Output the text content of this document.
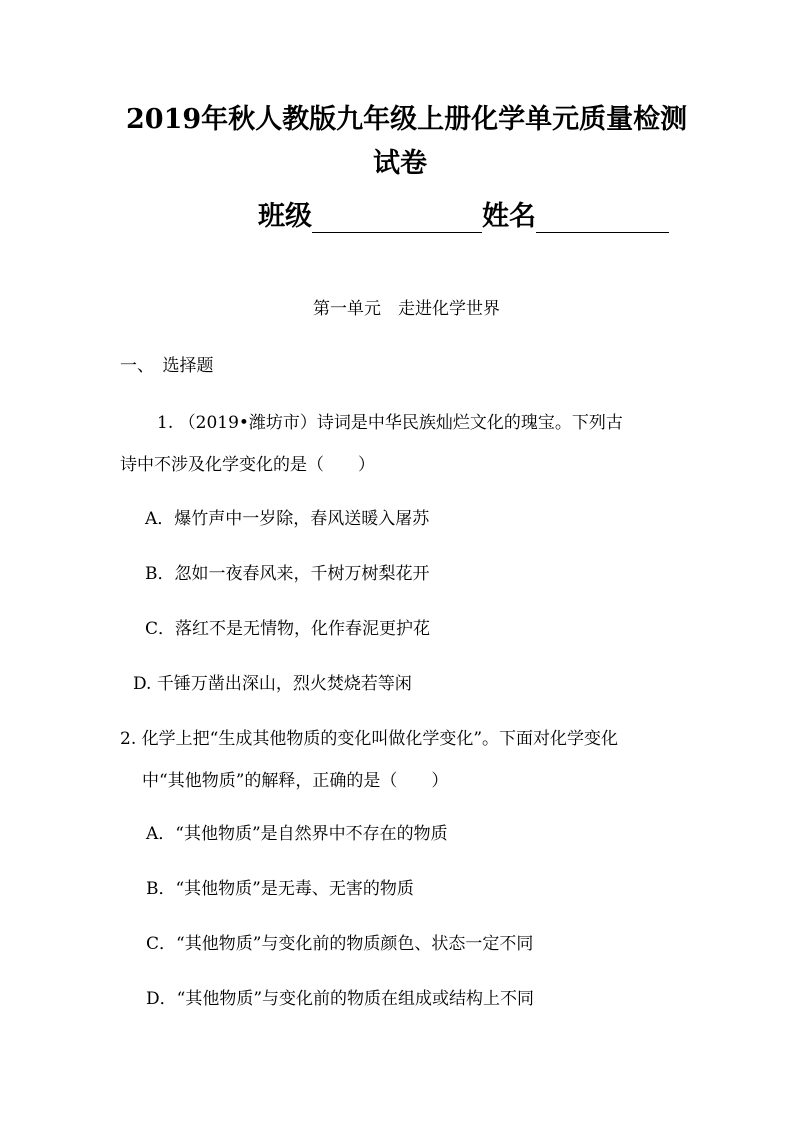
2019年秋人教版九年级上册化学单元质量检测
试卷
班级	姓名
第一单元　走进化学世界
一、　选择题
1. （2019•潍坊市）诗词是中华民族灿烂文化的瑰宝。下列古
诗中不涉及化学变化的是（　　）
A．爆竹声中一岁除，春风送暖入屠苏
B．忽如一夜春风来，千树万树梨花开
C．落红不是无情物，化作春泥更护花
D. 千锤万凿出深山，烈火焚烧若等闲
2. 化学上把“生成其他物质的变化叫做化学变化”。下面对化学变化
中“其他物质”的解释，正确的是（　　）
A．“其他物质”是自然界中不存在的物质
B．“其他物质”是无毒、无害的物质
C．“其他物质”与变化前的物质颜色、状态一定不同
D．“其他物质”与变化前的物质在组成或结构上不同
